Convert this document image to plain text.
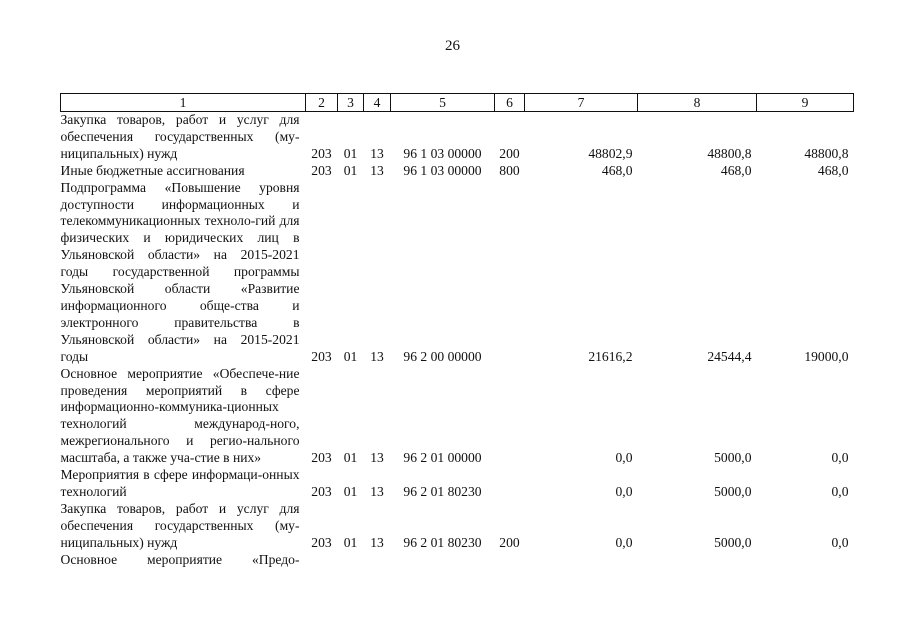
26
1	2	3	4	5	6	7	8	9

Закупка товаров, работ и услуг для обеспечения государственных (му-ниципальных) нужд	203	01	13	96 1 03 00000	200	48802,9	48800,8	48800,8

Иные бюджетные ассигнования	203	01	13	96 1 03 00000	800	468,0	468,0	468,0

Подпрограмма «Повышение уровня доступности информационных и телекоммуникационных техноло-гий для физических и юридических лиц в Ульяновской области» на 2015-2021 годы государственной программы Ульяновской области «Развитие информационного обще-ства и электронного правительства в Ульяновской области» на 2015-2021 годы	203	01	13	96 2 00 00000		21616,2	24544,4	19000,0

Основное мероприятие «Обеспече-ние проведения мероприятий в сфере информационно-коммуника-ционных технологий международ-ного, межрегионального и регио-нального масштаба, а также уча-стие в них»	203	01	13	96 2 01 00000		0,0	5000,0	0,0

Мероприятия в сфере информаци-онных технологий	203	01	13	96 2 01 80230		0,0	5000,0	0,0

Закупка товаров, работ и услуг для обеспечения государственных (му-ниципальных) нужд	203	01	13	96 2 01 80230	200	0,0	5000,0	0,0

Основное мероприятие «Предо-								
